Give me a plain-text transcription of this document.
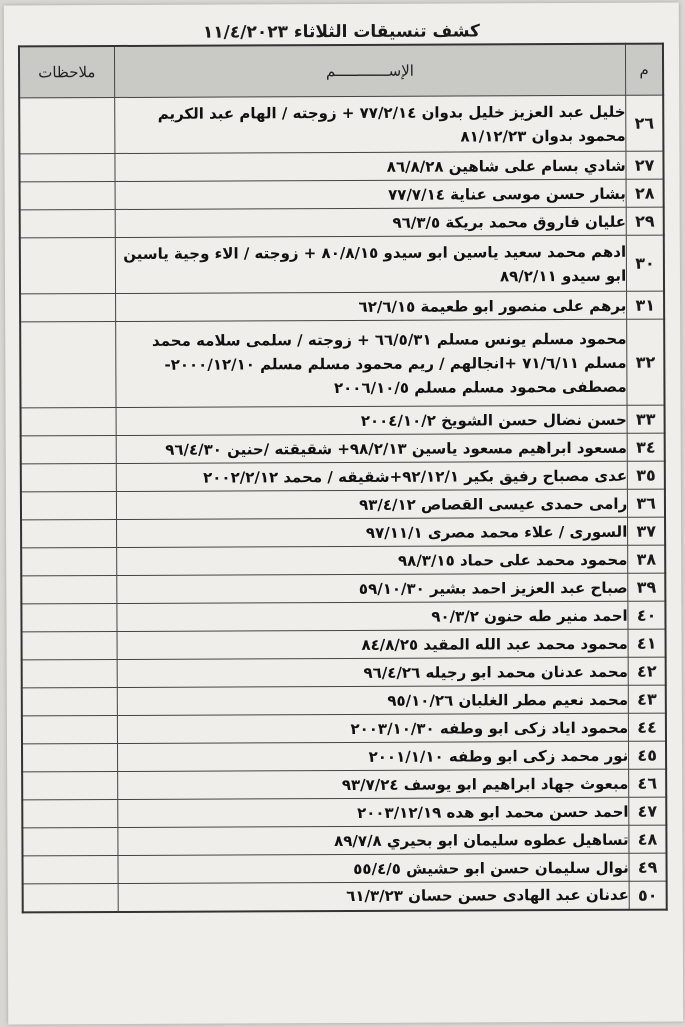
كشف تنسيقات الثلاثاء ١١/٤/٢٠٢٣
م	الإســــــــــــم	ملاحظات
٢٦	خليل عبد العزيز خليل بدوان ٧٧/٢/١٤ + زوجته / الهام عبد الكريم محمود بدوان ٨١/١٢/٢٣	
٢٧	شادي بسام على شاهين ٨٦/٨/٢٨	
٢٨	بشار حسن موسى عناية ٧٧/٧/١٤	
٢٩	عليان فاروق محمد بريكة ٩٦/٣/٥	
٣٠	ادهم محمد سعيد ياسين ابو سيدو ٨٠/٨/١٥ + زوجته / الاء وجية ياسين ابو سيدو ٨٩/٢/١١	
٣١	برهم على منصور ابو طعيمة ٦٢/٦/١٥	
٣٢	محمود مسلم يونس مسلم ٦٦/٥/٣١ + زوجته / سلمى سلامه محمد مسلم ٧١/٦/١١ +انجالهم / ريم محمود مسلم مسلم ٢٠٠٠/١٢/١٠- مصطفى محمود مسلم مسلم ٢٠٠٦/١٠/٥	
٣٣	حسن نضال حسن الشويخ ٢٠٠٤/١٠/٢	
٣٤	مسعود ابراهيم مسعود ياسين ٩٨/٢/١٣+ شقيقته /حنين ٩٦/٤/٣٠	
٣٥	عدى مصباح رفيق بكير ٩٢/١٢/١+شقيقه / محمد ٢٠٠٢/٢/١٢	
٣٦	رامى حمدى عيسى القصاص ٩٣/٤/١٢	
٣٧	السورى / علاء محمد مصرى ٩٧/١١/١	
٣٨	محمود محمد على حماد ٩٨/٣/١٥	
٣٩	صباح عبد العزيز احمد بشير ٥٩/١٠/٣٠	
٤٠	احمد منير طه حنون ٩٠/٣/٢	
٤١	محمود محمد عبد الله المقيد ٨٤/٨/٢٥	
٤٢	محمد عدنان محمد ابو رجيله ٩٦/٤/٢٦	
٤٣	محمد نعيم مطر الغلبان ٩٥/١٠/٢٦	
٤٤	محمود اياد زكى ابو وطفه ٢٠٠٣/١٠/٣٠	
٤٥	نور محمد زكى ابو وطفه ٢٠٠١/١/١٠	
٤٦	مبعوث جهاد ابراهيم ابو يوسف ٩٣/٧/٢٤	
٤٧	احمد حسن محمد ابو هده ٢٠٠٣/١٢/١٩	
٤٨	تساهيل عطوه سليمان ابو بحيري ٨٩/٧/٨	
٤٩	نوال سليمان حسن ابو حشيش ٥٥/٤/٥	
٥٠	عدنان عبد الهادى حسن حسان ٦١/٣/٢٣	
